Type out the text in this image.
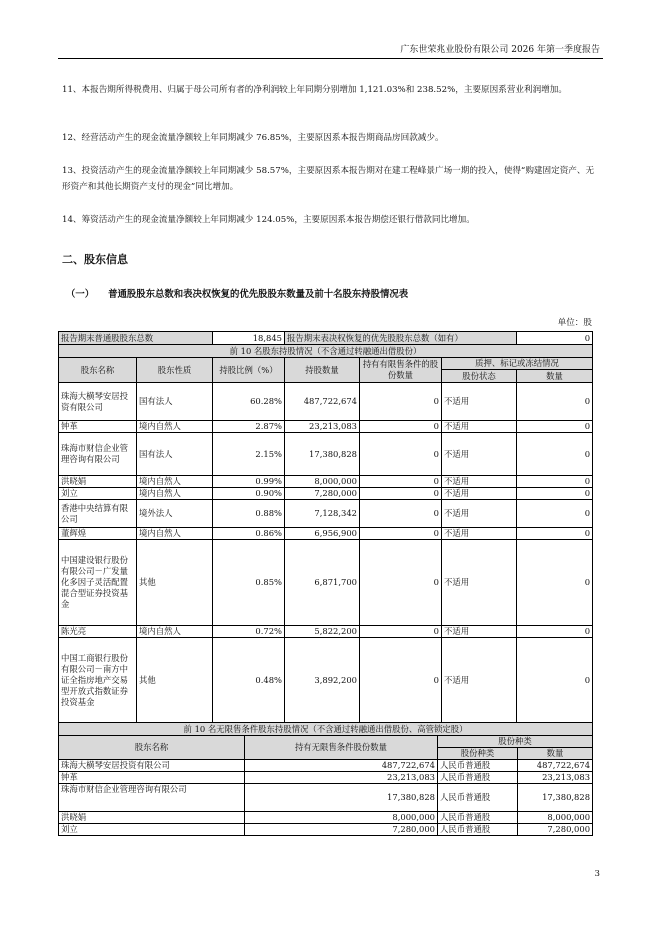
广东世荣兆业股份有限公司 2026 年第一季度报告
11、本报告期所得税费用、归属于母公司所有者的净利润较上年同期分别增加 1,121.03%和 238.52%，主要原因系营业利润增加。
12、经营活动产生的现金流量净额较上年同期减少 76.85%，主要原因系本报告期商品房回款减少。
13、投资活动产生的现金流量净额较上年同期减少 58.57%，主要原因系本报告期对在建工程峰景广场一期的投入，使得“购建固定资产、无形资产和其他长期资产支付的现金”同比增加。
14、筹资活动产生的现金流量净额较上年同期减少 124.05%，主要原因系本报告期偿还银行借款同比增加。
二、股东信息
（一） 普通股股东总数和表决权恢复的优先股股东数量及前十名股东持股情况表
单位：股
报告期末普通股股东总数		18,845	报告期末表决权恢复的优先股股东总数（如有）			0
前 10 名股东持股情况（不含通过转融通出借股份）						
股东名称	股东性质	持股比例（%）	持股数量	持有有限售条件的股份数量	质押、标记或冻结情况	
					股份状态	数量
珠海大横琴安居投资有限公司	国有法人	60.28%	487,722,674	0	不适用	0
钟革	境内自然人	2.87%	23,213,083	0	不适用	0
珠海市财信企业管理咨询有限公司	国有法人	2.15%	17,380,828	0	不适用	0
洪晓娟	境内自然人	0.99%	8,000,000	0	不适用	0
刘立	境内自然人	0.90%	7,280,000	0	不适用	0
香港中央结算有限公司	境外法人	0.88%	7,128,342	0	不适用	0
董辉煌	境内自然人	0.86%	6,956,900	0	不适用	0
中国建设银行股份有限公司－广发量化多因子灵活配置混合型证券投资基金	其他	0.85%	6,871,700	0	不适用	0
陈光亮	境内自然人	0.72%	5,822,200	0	不适用	0
中国工商银行股份有限公司－南方中证全指房地产交易型开放式指数证券投资基金	其他	0.48%	3,892,200	0	不适用	0
前 10 名无限售条件股东持股情况（不含通过转融通出借股份、高管锁定股）			
股东名称	持有无限售条件股份数量	股份种类	
		股份种类	数量
珠海大横琴安居投资有限公司	487,722,674	人民币普通股	487,722,674
钟革	23,213,083	人民币普通股	23,213,083
珠海市财信企业管理咨询有限公司	17,380,828	人民币普通股	17,380,828
洪晓娟	8,000,000	人民币普通股	8,000,000
刘立	7,280,000	人民币普通股	7,280,000
3
